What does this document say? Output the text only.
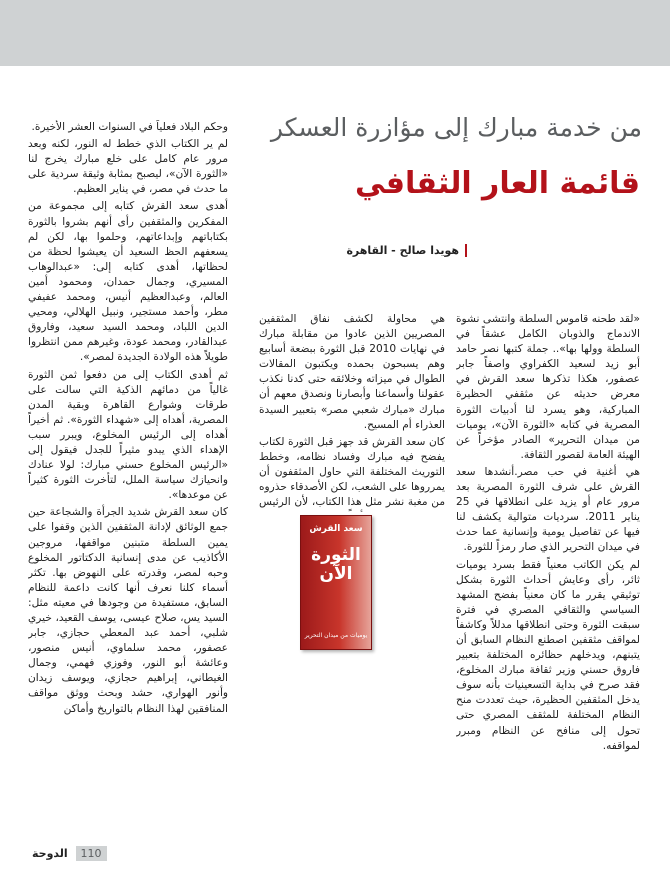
من خدمة مبارك إلى مؤازرة العسكر
قائمة العار الثقافي
هويدا صالح - القاهرة

«لقد طحنه قاموس السلطة وانتشى نشوة الاندماج والذوبان الكامل عشقاً في السلطة وولها بها».. جملة كتبها نصر حامد أبو زيد لسعيد الكفراوي واصفاً جابر عصفور، هكذا تذكرها سعد القرش في معرض حديثه عن مثقفي الحظيرة المباركية، وهو يسرد لنا أدبيات الثورة المصرية في كتابه «الثورة الآن»، يوميات من ميدان التحرير» الصادر مؤخراً عن الهيئة العامة لقصور الثقافة.

هي أغنية في حب مصر.أنشدها سعد القرش على شرف الثورة المصرية بعد مرور عام أو يزيد على انطلاقها في 25 يناير 2011. سرديات متوالية يكشف لنا فيها عن تفاصيل يومية وإنسانية عما حدث في ميدان التحرير الذي صار رمزاً للثورة.

لم يكن الكاتب معنياً فقط بسرد يوميات ثائر، رأى وعايش أحداث الثورة بشكل توثيقي يقرر ما كان معنياً بفضح المشهد السياسي والثقافي المصري في فترة سبقت الثورة وحتى انطلاقها مدللاً وكاشفاً لمواقف مثقفين اصطنع النظام السابق أن يتبنهم، ويدخلهم حظائره المختلفة بتعبير فاروق حسني وزير ثقافة مبارك المخلوع، فقد صرح في بداية التسعينيات بأنه سوف يدخل المثقفين الحظيرة، حيث تعددت منح النظام المختلفة للمثقف المصري حتى تحول إلى منافح عن النظام ومبرر لمواقفه.

هي محاولة لكشف نفاق المثقفين المصريين الذين عادوا من مقابلة مبارك في نهايات 2010 قبل الثورة ببضعة أسابيع وهم يسبحون بحمده ويكتبون المقالات الطوال في ميزاته وخلائقه حتى كدنا نكذب عقولنا وأسماعنا وأبصارنا ونصدق معهم أن مبارك «مبارك شعبي مصر» بتعبير السيدة العذراء أم المسيح.

كان سعد القرش قد جهز قبل الثورة لكتاب يفضح فيه مبارك وفساد نظامه، وخطط التوريث المختلفة التي حاول المثقفون أن يمرروها على الشعب، لكن الأصدقاء حذروه من مغبة نشر مثل هذا الكتاب، لأن الرئيس

سعد القرش
الثورة الآن
يوميات من ميدان التحرير

وحكم البلاد فعلياً في السنوات العشر الأخيرة.

لم ير الكتاب الذي خطط له النور، لكنه وبعد مرور عام كامل على خلع مبارك يخرج لنا «الثورة الآن»، ليصبح بمثابة وثيقة سردية على ما حدث في مصر، في يناير العظيم.

أهدى سعد القرش كتابه إلى مجموعة من المفكرين والمثقفين رأى أنهم بشروا بالثورة بكتاباتهم وإبداعاتهم، وحلموا بها، لكن لم يسعفهم الحظ السعيد أن يعيشوا لحظة من لحظاتها، أهدى كتابه إلى: «عبدالوهاب المسيري، وجمال حمدان، ومحمود أمين العالم، وعبدالعظيم أنيس، ومحمد عفيفي مطر، وأحمد مستجير، ونبيل الهلالي، ومحيي الدين اللباد، ومحمد السيد سعيد، وفاروق عبدالقادر، ومحمد عودة، وغيرهم ممن انتظروا طويلاً هذه الولادة الجديدة لمصر».

ثم أهدى الكتاب إلى من دفعوا ثمن الثورة غالياً من دمائهم الذكية التي سالت على طرقات وشوارع القاهرة وبقية المدن المصرية، أهداه إلى «شهداء الثورة». ثم أخيراً أهداه إلى الرئيس المخلوع، ويبرر سبب الإهداء الذي يبدو مثيراً للجدل فيقول إلى «الرئيس المخلوع حسني مبارك: لولا عنادك وانحيازك سياسة الملل، لتأخرت الثورة كثيراً عن موعدها».

كان سعد القرش شديد الجرأة والشجاعة حين جمع الوثائق لإدانة المثقفين الذين وقفوا على يمين السلطة متبنين مواقفها، مروجين الأكاذيب عن مدى إنسانية الدكتاتور المخلوع وحبه لمصر، وقدرته على النهوض بها. تكثر أسماء كلنا نعرف أنها كانت داعمة للنظام السابق، مستفيدة من وجودها في معيته مثل: السيد يس، صلاح عيسى، يوسف القعيد، خيري شلبي، أحمد عبد المعطي حجازي، جابر عصفور، محمد سلماوي، أنيس منصور، وعائشة أبو النور، وفوزي فهمي، وجمال الغيطاني، إبراهيم حجازي، ويوسف زيدان وأنور الهواري، حشد وبحث ووثق مواقف المنافقين لهذا النظام بالتواريخ وأماكن

110 الدوحة
